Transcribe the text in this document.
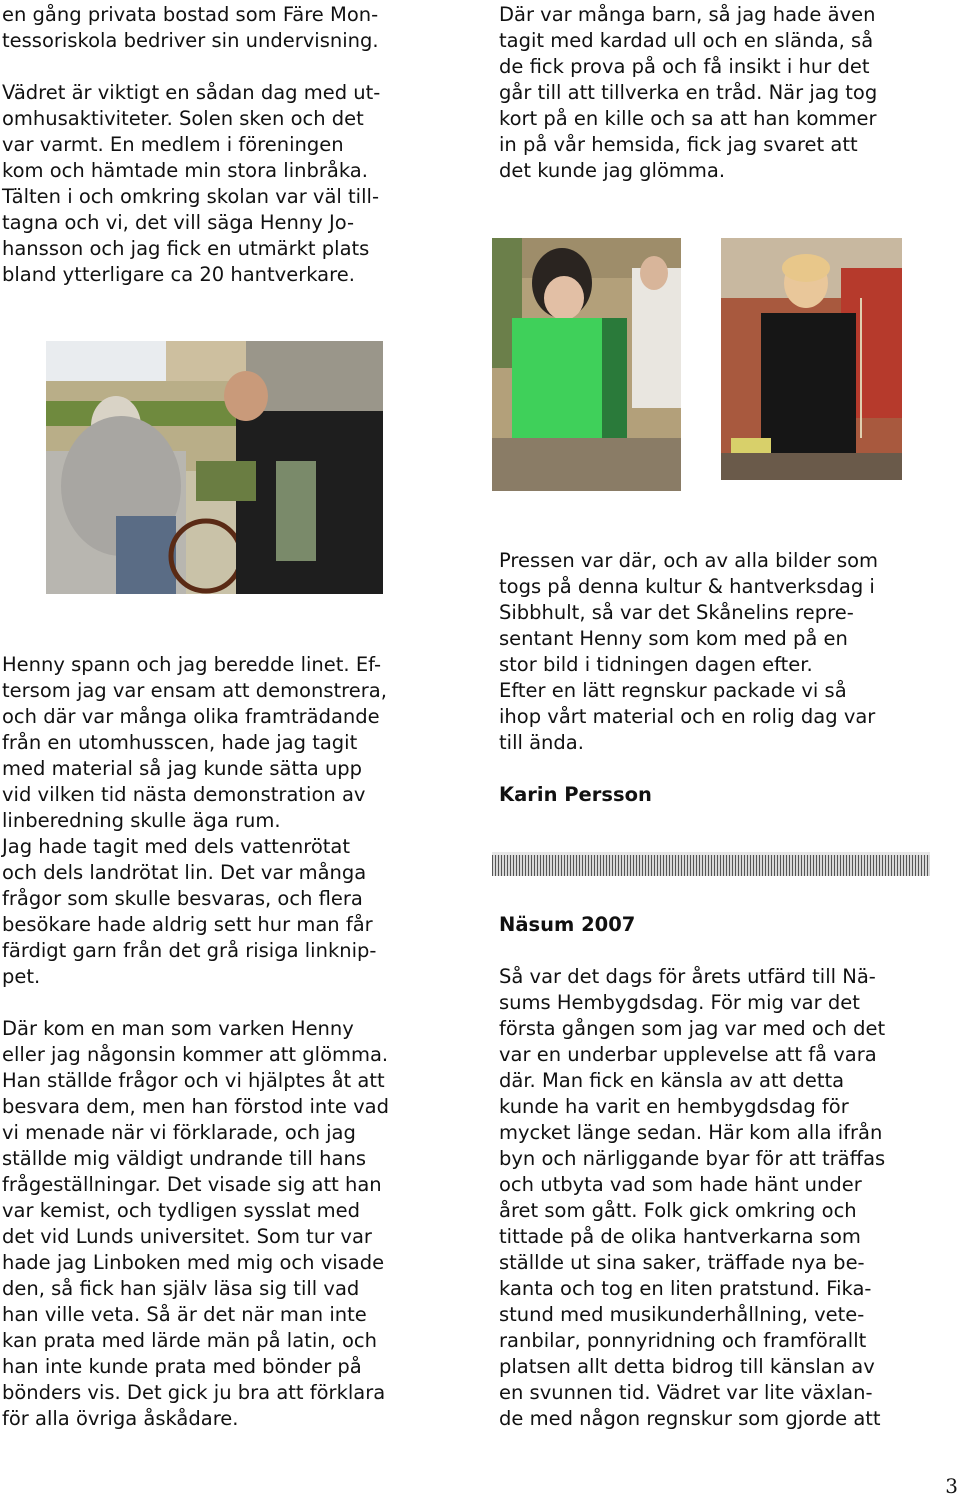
en gång privata bostad som Färe Mon-
tessoriskola bedriver sin undervisning.
Vädret är viktigt en sådan dag med ut-
omhusaktiviteter. Solen sken och det
var varmt. En medlem i föreningen
kom och hämtade min stora linbråka.
Tälten i och omkring skolan var väl till-
tagna och vi, det vill säga Henny Jo-
hansson och jag fick en utmärkt plats
bland ytterligare ca 20 hantverkare.
Henny spann och jag beredde linet. Ef-
tersom jag var ensam att demonstrera,
och där var många olika framträdande
från en utomhusscen, hade jag tagit
med material så jag kunde sätta upp
vid vilken tid nästa demonstration av
linberedning skulle äga rum.
Jag hade tagit med dels vattenrötat
och dels landrötat lin. Det var många
frågor som skulle besvaras, och flera
besökare hade aldrig sett hur man får
färdigt garn från det grå risiga linknip-
pet.
Där kom en man som varken Henny
eller jag någonsin kommer att glömma.
Han ställde frågor och vi hjälptes åt att
besvara dem, men han förstod inte vad
vi menade när vi förklarade, och jag
ställde mig väldigt undrande till hans
frågeställningar. Det visade sig att han
var kemist, och tydligen sysslat med
det vid Lunds universitet. Som tur var
hade jag Linboken med mig och visade
den, så fick han själv läsa sig till vad
han ville veta. Så är det när man inte
kan prata med lärde män på latin, och
han inte kunde prata med bönder på
bönders vis. Det gick ju bra att förklara
för alla övriga åskådare.
Där var många barn, så jag hade även
tagit med kardad ull och en slända, så
de fick prova på och få insikt i hur det
går till att tillverka en tråd. När jag tog
kort på en kille och sa att han kommer
in på vår hemsida, fick jag svaret att
det kunde jag glömma.
Pressen var där, och av alla bilder som
togs på denna kultur & hantverksdag i
Sibbhult, så var det Skånelins repre-
sentant Henny som kom med på en
stor bild i tidningen dagen efter.
Efter en lätt regnskur packade vi så
ihop vårt material och en rolig dag var
till ända.
Karin Persson
Näsum 2007
Så var det dags för årets utfärd till Nä-
sums Hembygdsdag. För mig var det
första gången som jag var med och det
var en underbar upplevelse att få vara
där. Man fick en känsla av att detta
kunde ha varit en hembygdsdag för
mycket länge sedan. Här kom alla ifrån
byn och närliggande byar för att träffas
och utbyta vad som hade hänt under
året som gått. Folk gick omkring och
tittade på de olika hantverkarna som
ställde ut sina saker, träffade nya be-
kanta och tog en liten pratstund. Fika-
stund med musikunderhållning, vete-
ranbilar, ponnyridning och framförallt
platsen allt detta bidrog till känslan av
en svunnen tid. Vädret var lite växlan-
de med någon regnskur som gjorde att
3
